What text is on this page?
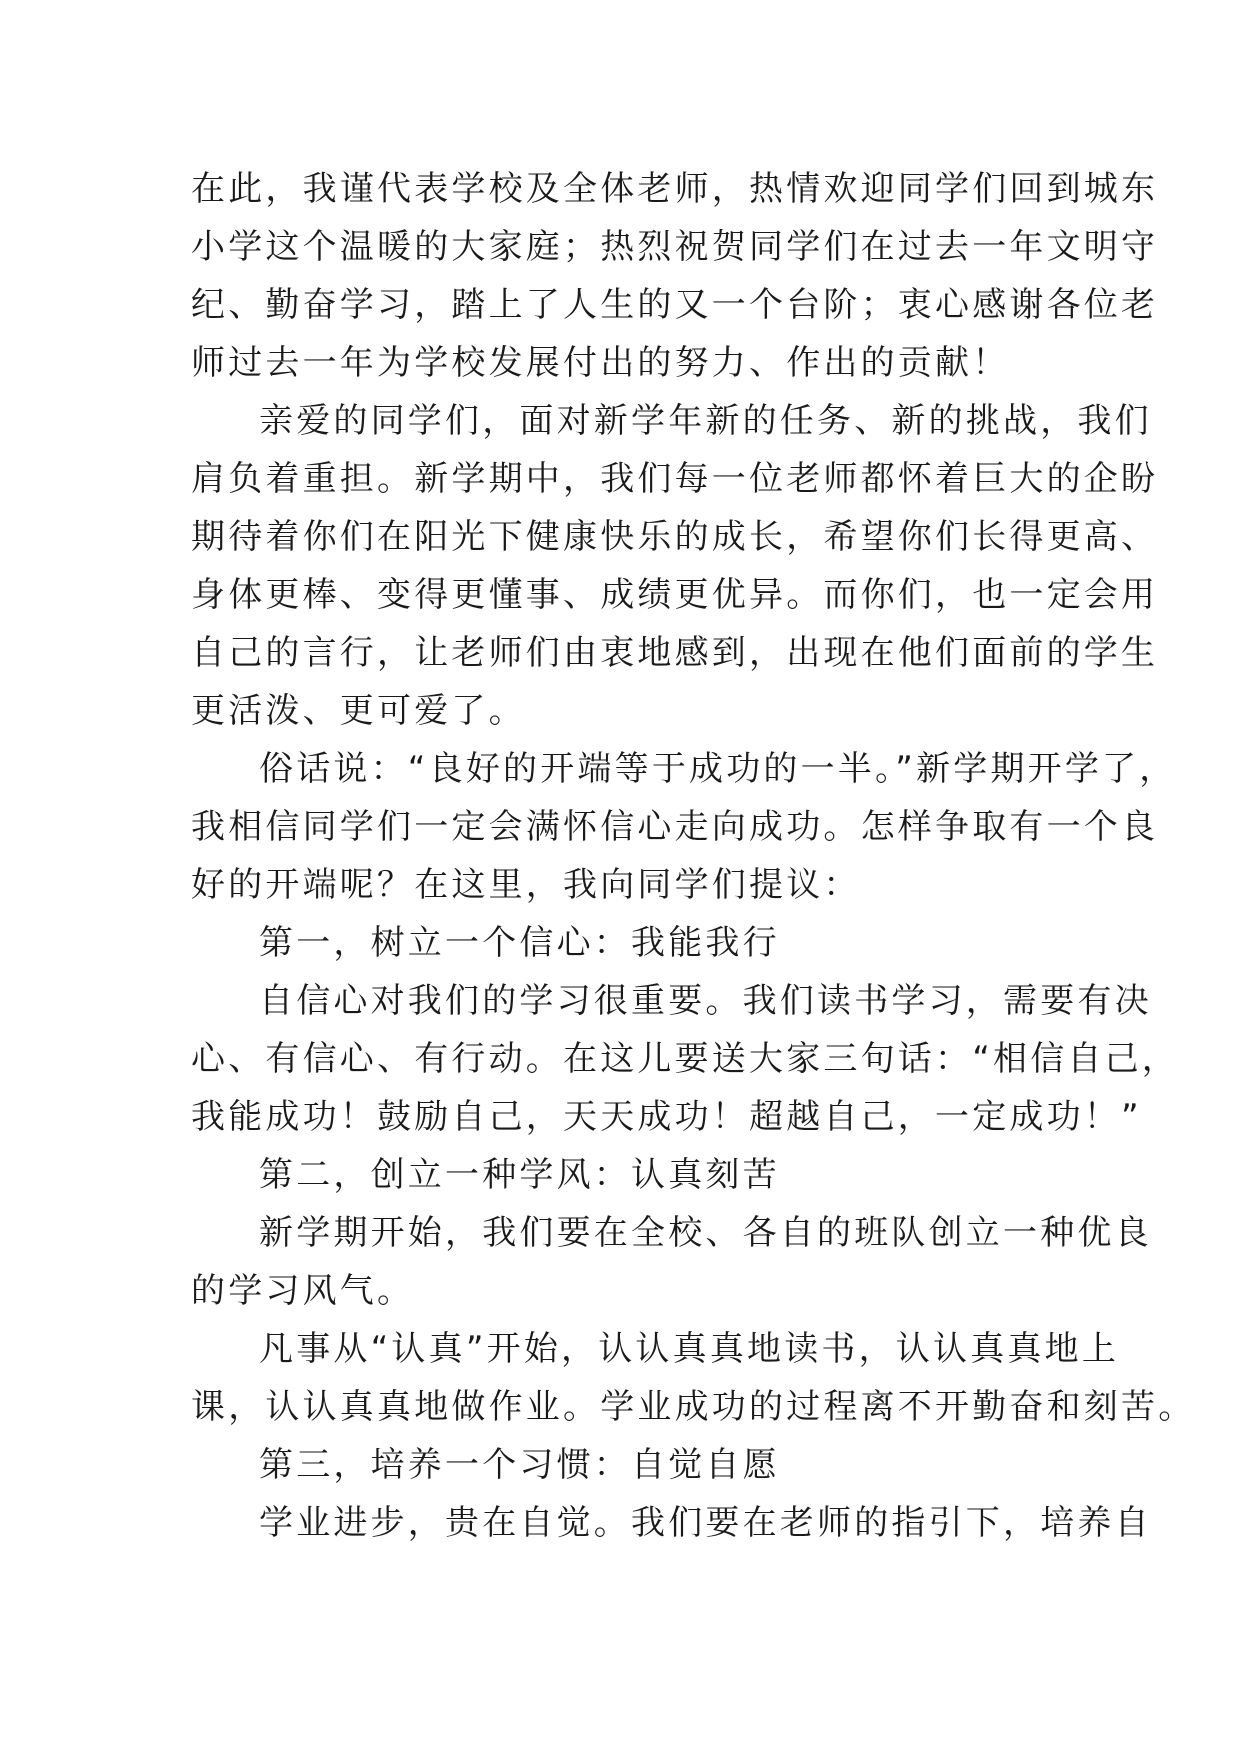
在此，我谨代表学校及全体老师，热情欢迎同学们回到城东
小学这个温暖的大家庭；热烈祝贺同学们在过去一年文明守
纪、勤奋学习，踏上了人生的又一个台阶；衷心感谢各位老
师过去一年为学校发展付出的努力、作出的贡献！
亲爱的同学们，面对新学年新的任务、新的挑战，我们
肩负着重担。新学期中，我们每一位老师都怀着巨大的企盼
期待着你们在阳光下健康快乐的成长，希望你们长得更高、
身体更棒、变得更懂事、成绩更优异。而你们，也一定会用
自己的言行，让老师们由衷地感到，出现在他们面前的学生
更活泼、更可爱了。
俗话说：“良好的开端等于成功的一半。”新学期开学了，
我相信同学们一定会满怀信心走向成功。怎样争取有一个良
好的开端呢？在这里，我向同学们提议：
第一，树立一个信心：我能我行
自信心对我们的学习很重要。我们读书学习，需要有决
心、有信心、有行动。在这儿要送大家三句话：“相信自己，
我能成功！鼓励自己，天天成功！超越自己，一定成功！”
第二，创立一种学风：认真刻苦
新学期开始，我们要在全校、各自的班队创立一种优良
的学习风气。
凡事从“认真”开始，认认真真地读书，认认真真地上
课，认认真真地做作业。学业成功的过程离不开勤奋和刻苦。
第三，培养一个习惯：自觉自愿
学业进步，贵在自觉。我们要在老师的指引下，培养自
